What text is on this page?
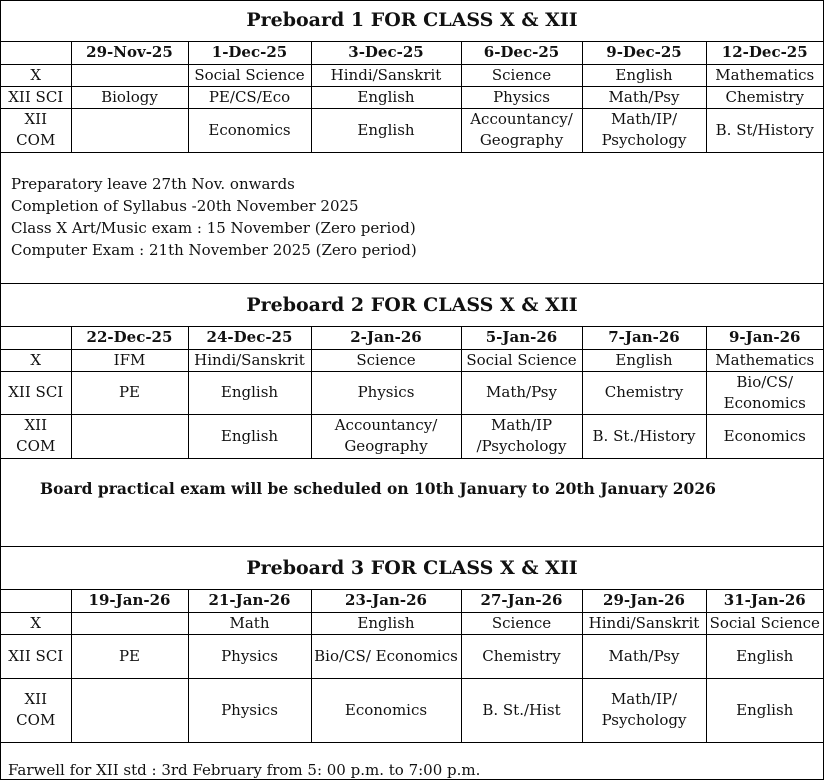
Preboard 1 FOR CLASS X & XII
	29-Nov-25	1-Dec-25	3-Dec-25	6-Dec-25	9-Dec-25	12-Dec-25
X		Social Science	Hindi/Sanskrit	Science	English	Mathematics
XII SCI	Biology	PE/CS/Eco	English	Physics	Math/Psy	Chemistry
XII COM		Economics	English	Accountancy/ Geography	Math/IP/ Psychology	B. St/History
Preparatory leave 27th Nov. onwards
Completion of Syllabus -20th November 2025
Class X Art/Music exam : 15 November (Zero period)
Computer Exam : 21th November 2025 (Zero period)
Preboard 2 FOR CLASS X & XII
	22-Dec-25	24-Dec-25	2-Jan-26	5-Jan-26	7-Jan-26	9-Jan-26
X	IFM	Hindi/Sanskrit	Science	Social Science	English	Mathematics
XII SCI	PE	English	Physics	Math/Psy	Chemistry	Bio/CS/ Economics
XII COM		English	Accountancy/ Geography	Math/IP /Psychology	B. St./History	Economics
Board practical exam will be scheduled on 10th January to 20th January 2026
Preboard 3 FOR CLASS X & XII
	19-Jan-26	21-Jan-26	23-Jan-26	27-Jan-26	29-Jan-26	31-Jan-26
X		Math	English	Science	Hindi/Sanskrit	Social Science
XII SCI	PE	Physics	Bio/CS/ Economics	Chemistry	Math/Psy	English
XII COM		Physics	Economics	B. St./Hist	Math/IP/ Psychology	English
Farwell for XII std : 3rd February from 5: 00 p.m. to 7:00 p.m.
